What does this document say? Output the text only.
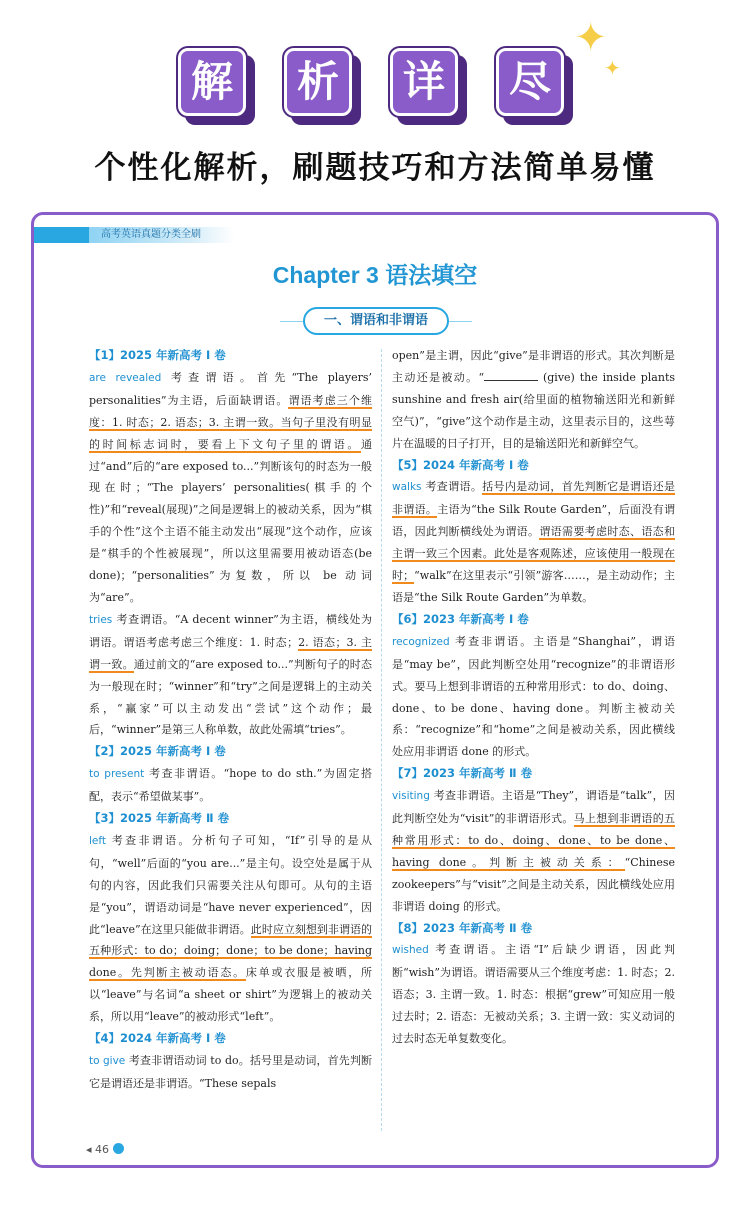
解	析	详	尽
✦
✦
个性化解析，刷题技巧和方法简单易懂
高考英语真题分类全刷
Chapter 3 语法填空
一、谓语和非谓语

【1】2025 年新高考 Ⅰ 卷

are revealed 考查谓语。首先“The players’ personalities”为主语，后面缺谓语。谓语考虑三个维度：1. 时态；2. 语态；3. 主谓一致。当句子里没有明显的时间标志词时，要看上下文句子里的谓语。通过“and”后的“are exposed to...”判断该句的时态为一般现在时；“The players’ personalities(棋手的个性)”和“reveal(展现)”之间是逻辑上的被动关系，因为“棋手的个性”这个主语不能主动发出“展现”这个动作，应该是“棋手的个性被展现”，所以这里需要用被动语态(be done)；“personalities”为复数，所以 be 动词为“are”。

tries 考查谓语。“A decent winner”为主语，横线处为谓语。谓语考虑考虑三个维度：1. 时态；2. 语态；3. 主谓一致。通过前文的“are exposed to...”判断句子的时态为一般现在时；“winner”和“try”之间是逻辑上的主动关系，“赢家”可以主动发出“尝试”这个动作；最后，“winner”是第三人称单数，故此处需填“tries”。

【2】2025 年新高考 Ⅰ 卷

to present 考查非谓语。“hope to do sth.”为固定搭配，表示“希望做某事”。

【3】2025 年新高考 Ⅱ 卷

left 考查非谓语。分析句子可知，“If”引导的是从句，“well”后面的“you are...”是主句。设空处是属于从句的内容，因此我们只需要关注从句即可。从句的主语是“you”，谓语动词是“have never experienced”，因此“leave”在这里只能做非谓语。此时应立刻想到非谓语的五种形式：to do；doing；done；to be done；having done。先判断主被动语态。床单或衣服是被晒，所以“leave”与名词“a sheet or shirt”为逻辑上的被动关系，所以用“leave”的被动形式“left”。

【4】2024 年新高考 Ⅰ 卷

to give 考查非谓语动词 to do。括号里是动词，首先判断它是谓语还是非谓语。“These sepals

open”是主谓，因此“give”是非谓语的形式。其次判断是主动还是被动。“	(give) the inside plants sunshine and fresh air(给里面的植物输送阳光和新鲜空气)”，“give”这个动作是主动，这里表示目的，这些萼片在温暖的日子打开，目的是输送阳光和新鲜空气。

【5】2024 年新高考 Ⅰ 卷

walks 考查谓语。括号内是动词，首先判断它是谓语还是非谓语。主语为“the Silk Route Garden”，后面没有谓语，因此判断横线处为谓语。谓语需要考虑时态、语态和主谓一致三个因素。此处是客观陈述，应该使用一般现在时；“walk”在这里表示“引领”游客……，是主动动作；主语是“the Silk Route Garden”为单数。

【6】2023 年新高考 Ⅰ 卷

recognized 考查非谓语。主语是“Shanghai”，谓语是“may be”，因此判断空处用“recognize”的非谓语形式。要马上想到非谓语的五种常用形式：to do、doing、done、to be done、having done。判断主被动关系：“recognize”和“home”之间是被动关系，因此横线处应用非谓语 done 的形式。

【7】2023 年新高考 Ⅱ 卷

visiting 考查非谓语。主语是“They”，谓语是“talk”，因此判断空处为“visit”的非谓语形式。马上想到非谓语的五种常用形式：to do、doing、done、to be done、having done。判断主被动关系：“Chinese zookeepers”与“visit”之间是主动关系，因此横线处应用非谓语 doing 的形式。

【8】2023 年新高考 Ⅱ 卷

wished 考查谓语。主语“I”后缺少谓语，因此判断“wish”为谓语。谓语需要从三个维度考虑：1. 时态；2. 语态；3. 主谓一致。1. 时态：根据“grew”可知应用一般过去时；2. 语态：无被动关系；3. 主谓一致：实义动词的过去时态无单复数变化。

◂ 46
